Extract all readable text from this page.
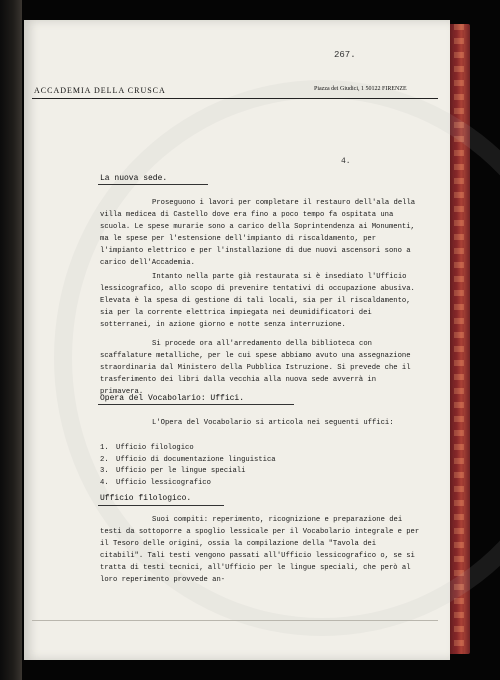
267.
ACCADEMIA DELLA CRUSCA	Piazza dei Giudici, 1 50122 FIRENZE
4.
La nuova sede.

Proseguono i lavori per completare il restauro dell'ala della villa medicea di Castello dove era fino a poco tempo fa ospitata una scuola. Le spese murarie sono a carico della Soprintendenza ai Monumenti, ma le spese per l'estensione dell'impianto di riscaldamento, per l'impianto elettrico e per l'installazione di due nuovi ascensori sono a carico dell'Accademia.

Intanto nella parte già restaurata si è insediato l'Ufficio lessicografico, allo scopo di prevenire tentativi di occupazione abusiva. Elevata è la spesa di gestione di tali locali, sia per il riscaldamento, sia per la corrente elettrica impiegata nei deumidificatori dei sotterranei, in azione giorno e notte senza interruzione.

Si procede ora all'arredamento della biblioteca con scaffalature metalliche, per le cui spese abbiamo avuto una assegnazione straordinaria dal Ministero della Pubblica Istruzione. Si prevede che il trasferimento dei libri dalla vecchia alla nuova sede avverrà in primavera.

Opera del Vocabolario: Uffici.

L'Opera del Vocabolario si articola nei seguenti uffici:

1. Ufficio filologico
2. Ufficio di documentazione linguistica
3. Ufficio per le lingue speciali
4. Ufficio lessicografico
Ufficio filologico.

Suoi compiti: reperimento, ricognizione e preparazione dei testi da sottoporre a spoglio lessicale per il Vocabolario integrale e per il Tesoro delle origini, ossia la compilazione della "Tavola dei citabili". Tali testi vengono passati all'Ufficio lessicografico o, se si tratta di testi tecnici, all'Ufficio per le lingue speciali, che però al loro reperimento provvede an-
